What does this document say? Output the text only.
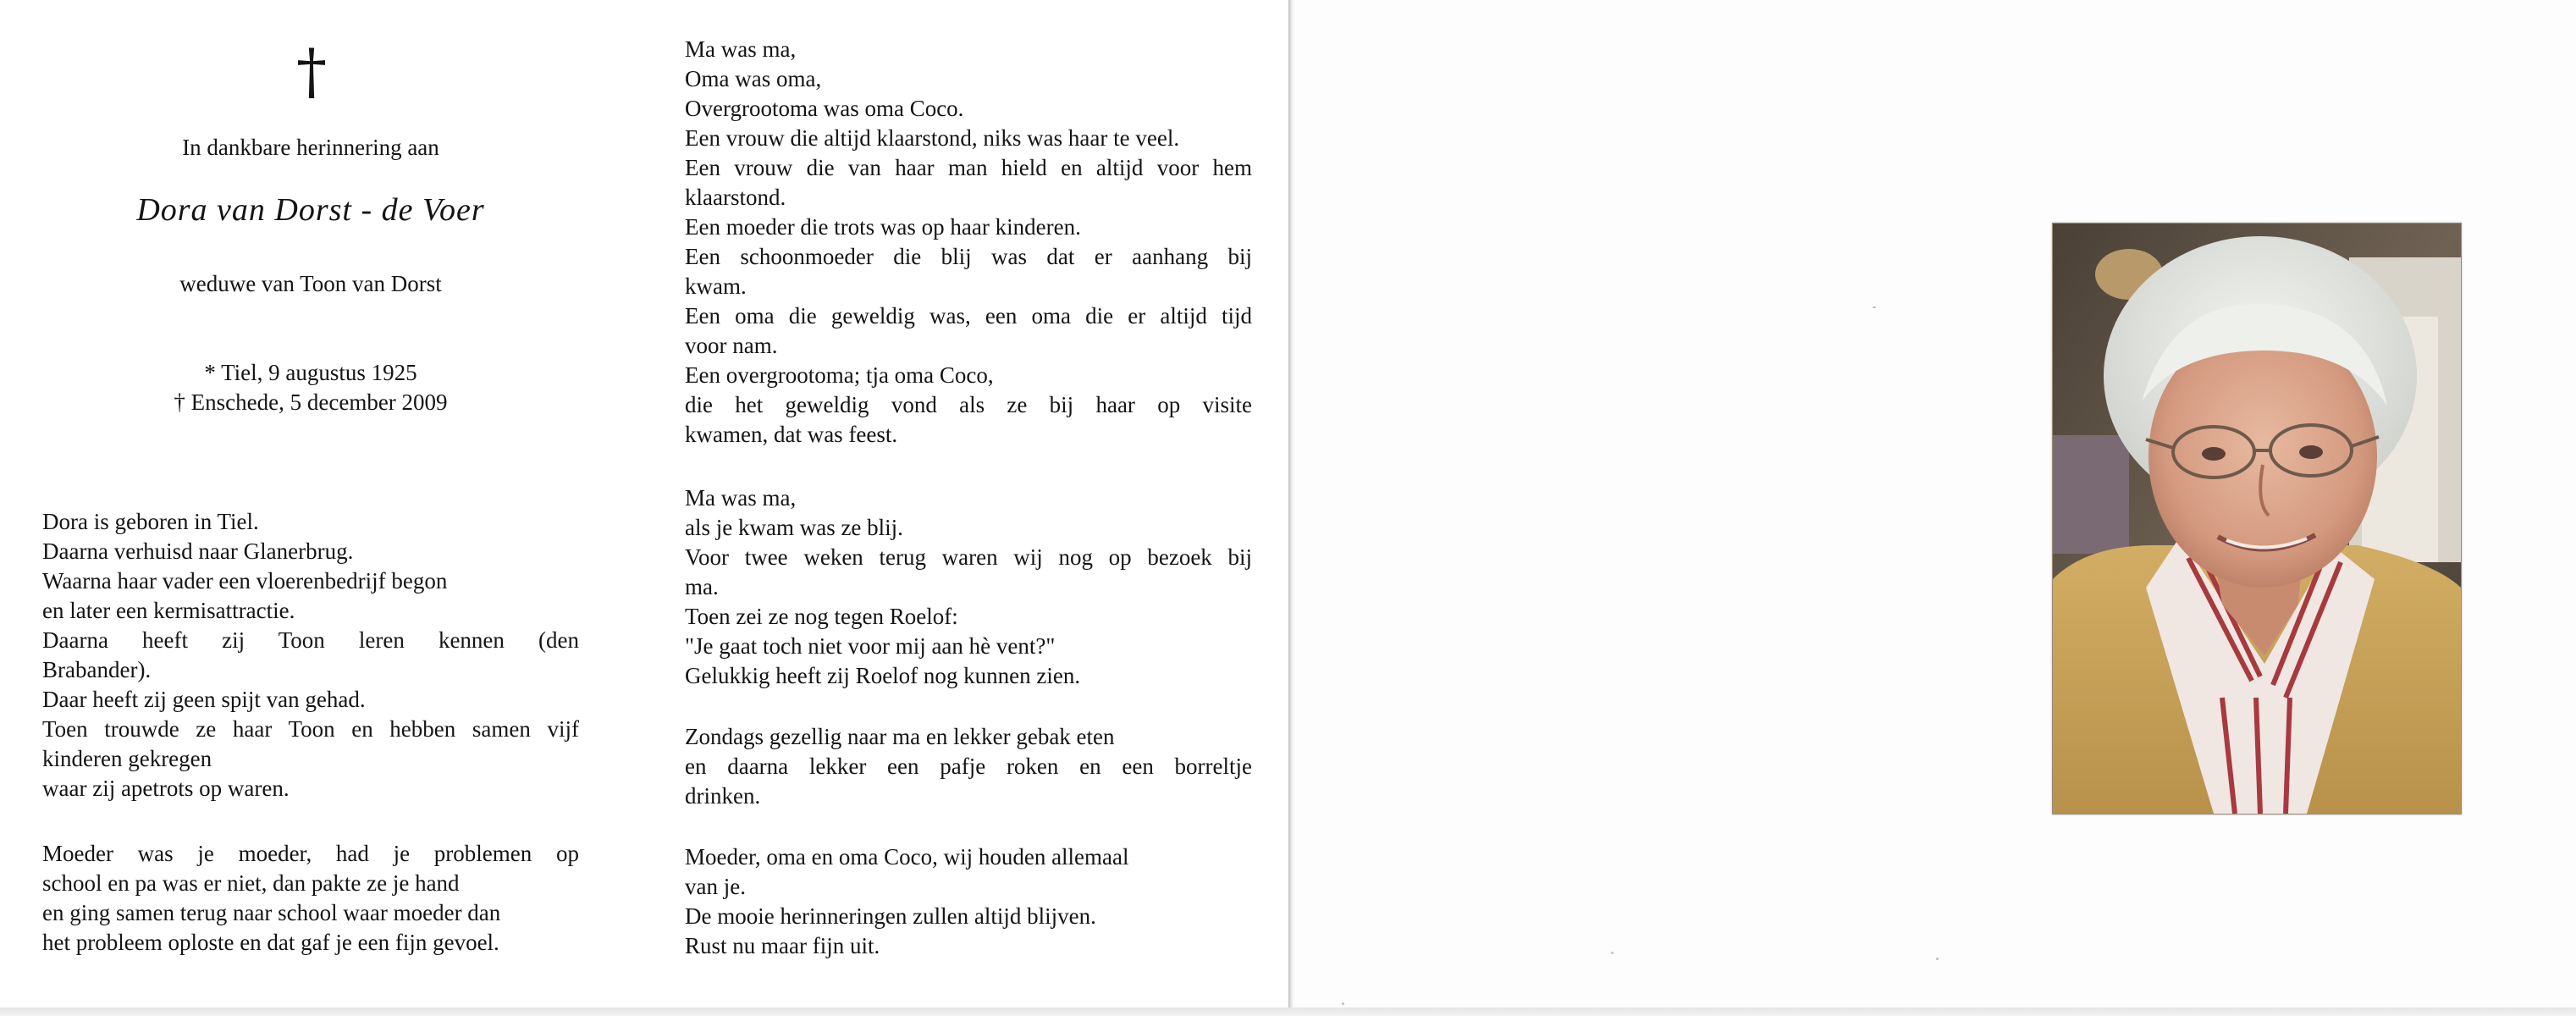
†
In dankbare herinnering aan
Dora van Dorst - de Voer
weduwe van Toon van Dorst
* Tiel, 9 augustus 1925
† Enschede, 5 december 2009
Dora is geboren in Tiel.
Daarna verhuisd naar Glanerbrug.
Waarna haar vader een vloerenbedrijf begon
en later een kermisattractie.
Daarna heeft zij Toon leren kennen (den
Brabander).
Daar heeft zij geen spijt van gehad.
Toen trouwde ze haar Toon en hebben samen vijf
kinderen gekregen
waar zij apetrots op waren.
Moeder was je moeder, had je problemen op
school en pa was er niet, dan pakte ze je hand
en ging samen terug naar school waar moeder dan
het probleem oploste en dat gaf je een fijn gevoel.
Ma was ma,
Oma was oma,
Overgrootoma was oma Coco.
Een vrouw die altijd klaarstond, niks was haar te veel.
Een vrouw die van haar man hield en altijd voor hem
klaarstond.
Een moeder die trots was op haar kinderen.
Een schoonmoeder die blij was dat er aanhang bij
kwam.
Een oma die geweldig was, een oma die er altijd tijd
voor nam.
Een overgrootoma; tja oma Coco,
die het geweldig vond als ze bij haar op visite
kwamen, dat was feest.
Ma was ma,
als je kwam was ze blij.
Voor twee weken terug waren wij nog op bezoek bij
ma.
Toen zei ze nog tegen Roelof:
"Je gaat toch niet voor mij aan hè vent?"
Gelukkig heeft zij Roelof nog kunnen zien.
Zondags gezellig naar ma en lekker gebak eten
en daarna lekker een pafje roken en een borreltje
drinken.
Moeder, oma en oma Coco, wij houden allemaal
van je.
De mooie herinneringen zullen altijd blijven.
Rust nu maar fijn uit.
